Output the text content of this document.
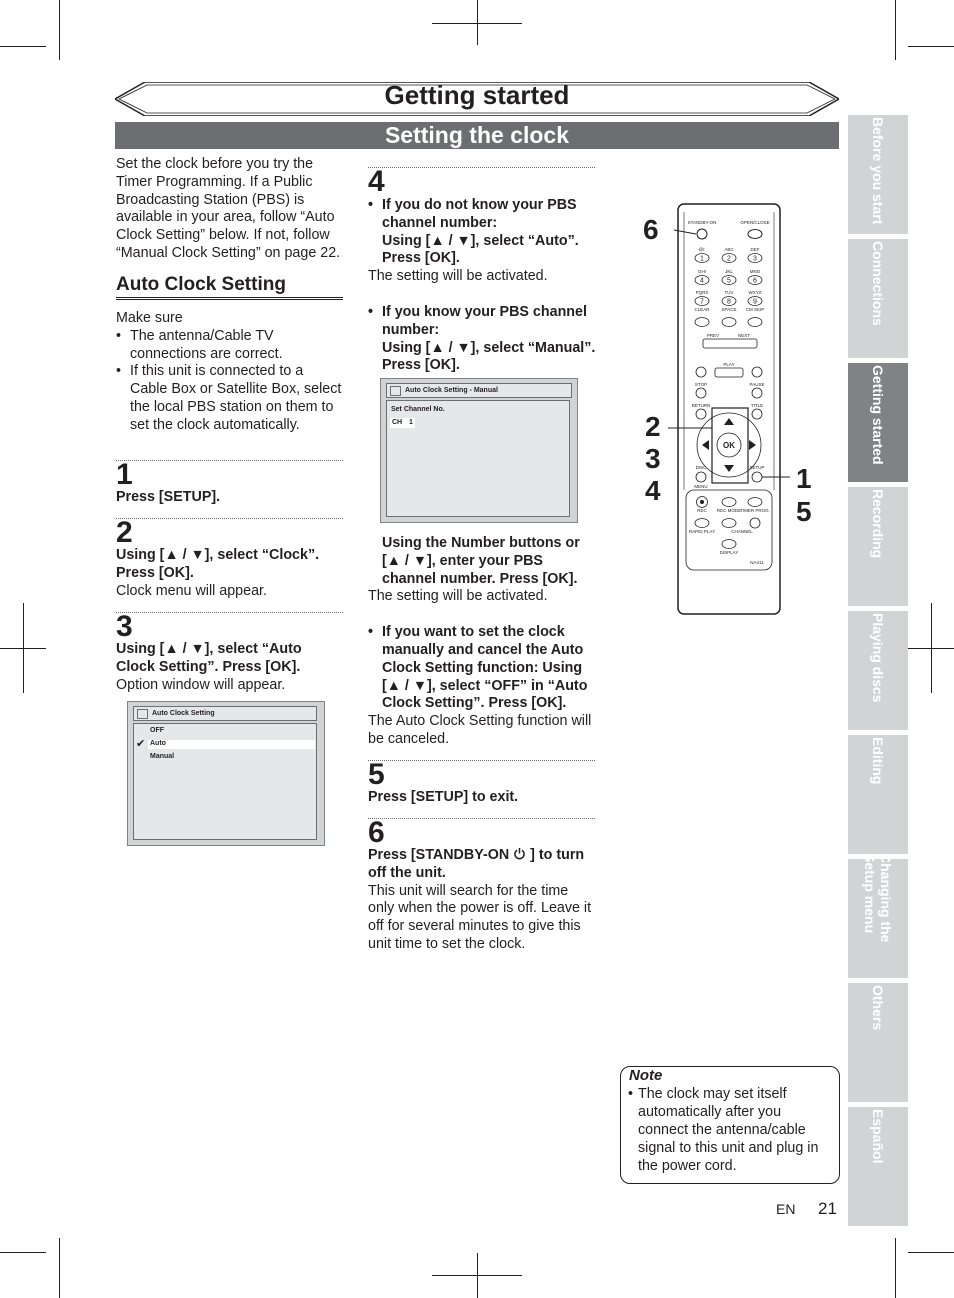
Getting started
Setting the clock	Before you start
Connections
Getting started
Recording
Playing discs
Editing
Changing the Setup menu
Others
Español
Set the clock before you try the Timer Programming. If a Public Broadcasting Station (PBS) is available in your area, follow “Auto Clock Setting” below. If not, follow “Manual Clock Setting” on page 22.
Auto Clock Setting
Make sure
• The antenna/Cable TV connections are correct.
• If this unit is connected to a Cable Box or Satellite Box, select the local PBS station on them to set the clock automatically.
1
Press [SETUP].
2
Using [▲ / ▼], select “Clock”. Press [OK].
Clock menu will appear.
3
Using [▲ / ▼], select “Auto Clock Setting”. Press [OK].
Option window will appear.
Auto Clock Setting
OFF
✔ Auto
Manual
4
• If you do not know your PBS channel number:
Using [▲ / ▼], select “Auto”. Press [OK].
The setting will be activated.
• If you know your PBS channel number:
Using [▲ / ▼], select “Manual”. Press [OK].
Auto Clock Setting - Manual
Set Channel No.
CH 1
Using the Number buttons or [▲ / ▼], enter your PBS channel number. Press [OK].
The setting will be activated.
• If you want to set the clock manually and cancel the Auto Clock Setting function: Using [▲ / ▼], select “OFF” in “Auto Clock Setting”. Press [OK].
The Auto Clock Setting function will be canceled.
5
Press [SETUP] to exit.
6
Press [STANDBY-ON ] to turn off the unit.
This unit will search for the time only when the power is off. Leave it off for several minutes to give this unit time to set the clock.
OK
STANDBY-ON	OPEN/CLOSE
CLEAR	SPACE CM SKIP
PREV	NEXT
PLAY
STOP	PAUSE
RETURN	TITLE
DISC	SETUP
MENU
REC REC MODE
TIMER PROG.
RAPID PLAY	CHANNEL
DISPLAY
NA411
@/:
1
ABC
2
DEF
3
GHI
4
JKL
5
MNO
6
PQRS
7
TUV
8
WXYZ
9
6
2
3
4	1
5
Note
• The clock may set itself automatically after you connect the antenna/cable signal to this unit and plug in the power cord.
EN 21
